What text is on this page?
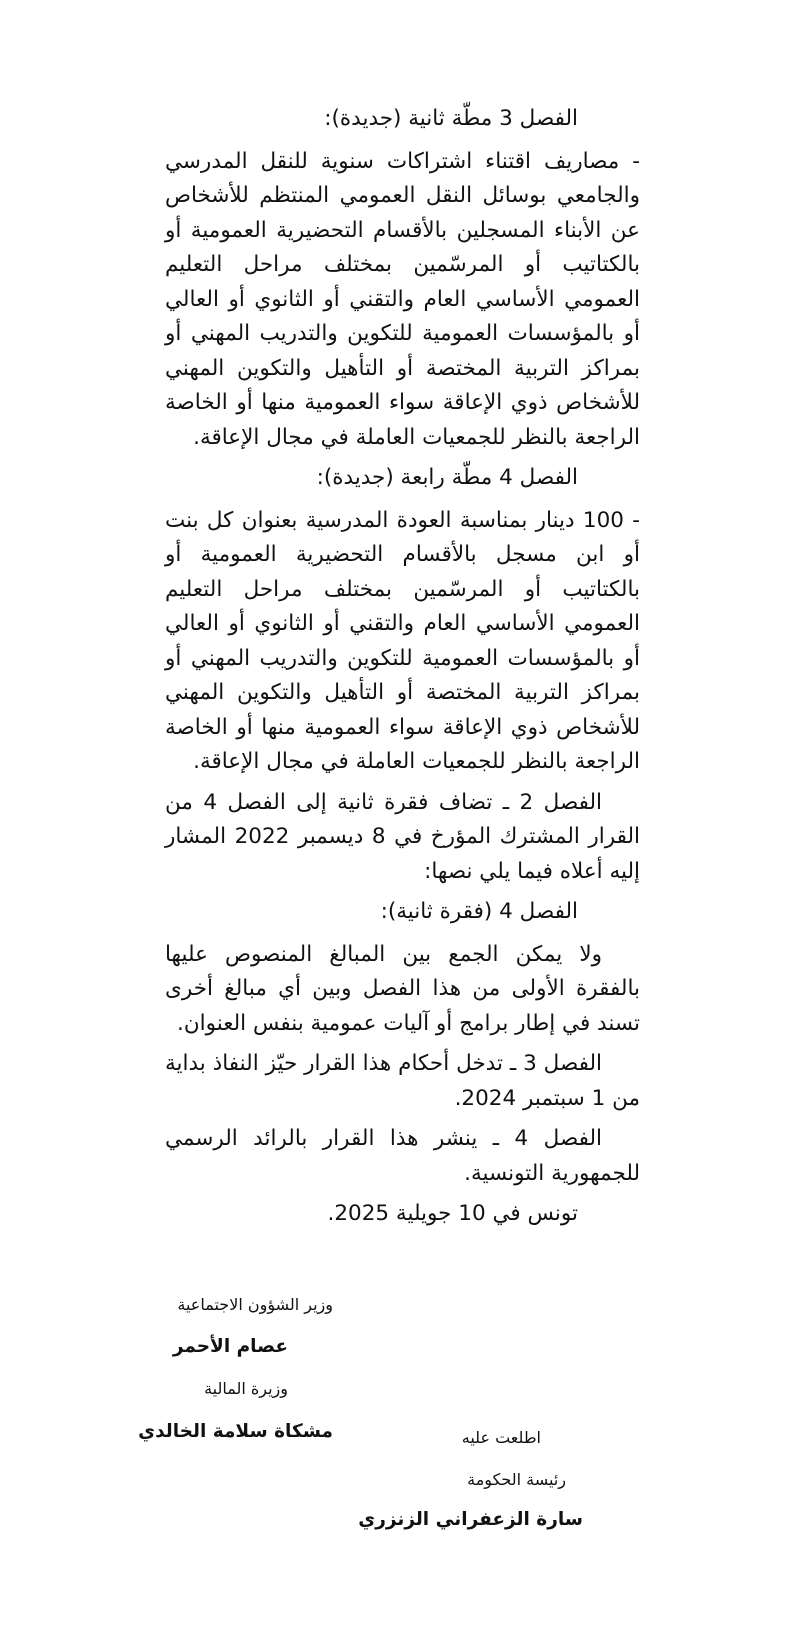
الفصل 3 مطّة ثانية (جديدة):

- مصاريف اقتناء اشتراكات سنوية للنقل المدرسي والجامعي بوسائل النقل العمومي المنتظم للأشخاص عن الأبناء المسجلين بالأقسام التحضيرية العمومية أو بالكتاتيب أو المرسّمين بمختلف مراحل التعليم العمومي الأساسي العام والتقني أو الثانوي أو العالي أو بالمؤسسات العمومية للتكوين والتدريب المهني أو بمراكز التربية المختصة أو التأهيل والتكوين المهني للأشخاص ذوي الإعاقة سواء العمومية منها أو الخاصة الراجعة بالنظر للجمعيات العاملة في مجال الإعاقة.

الفصل 4 مطّة رابعة (جديدة):

- 100 دينار بمناسبة العودة المدرسية بعنوان كل بنت أو ابن مسجل بالأقسام التحضيرية العمومية أو بالكتاتيب أو المرسّمين بمختلف مراحل التعليم العمومي الأساسي العام والتقني أو الثانوي أو العالي أو بالمؤسسات العمومية للتكوين والتدريب المهني أو بمراكز التربية المختصة أو التأهيل والتكوين المهني للأشخاص ذوي الإعاقة سواء العمومية منها أو الخاصة الراجعة بالنظر للجمعيات العاملة في مجال الإعاقة.

الفصل 2 ـ تضاف فقرة ثانية إلى الفصل 4 من القرار المشترك المؤرخ في 8 ديسمبر 2022 المشار إليه أعلاه فيما يلي نصها:

الفصل 4 (فقرة ثانية):

ولا يمكن الجمع بين المبالغ المنصوص عليها بالفقرة الأولى من هذا الفصل وبين أي مبالغ أخرى تسند في إطار برامج أو آليات عمومية بنفس العنوان.

الفصل 3 ـ تدخل أحكام هذا القرار حيّز النفاذ بداية من 1 سبتمبر 2024.

الفصل 4 ـ ينشر هذا القرار بالرائد الرسمي للجمهورية التونسية.

تونس في 10 جويلية 2025.

وزير الشؤون الاجتماعية
عصام الأحمر
وزيرة المالية
مشكاة سلامة الخالدي	اطلعت عليه
رئيسة الحكومة
سارة الزعفراني الزنزري
